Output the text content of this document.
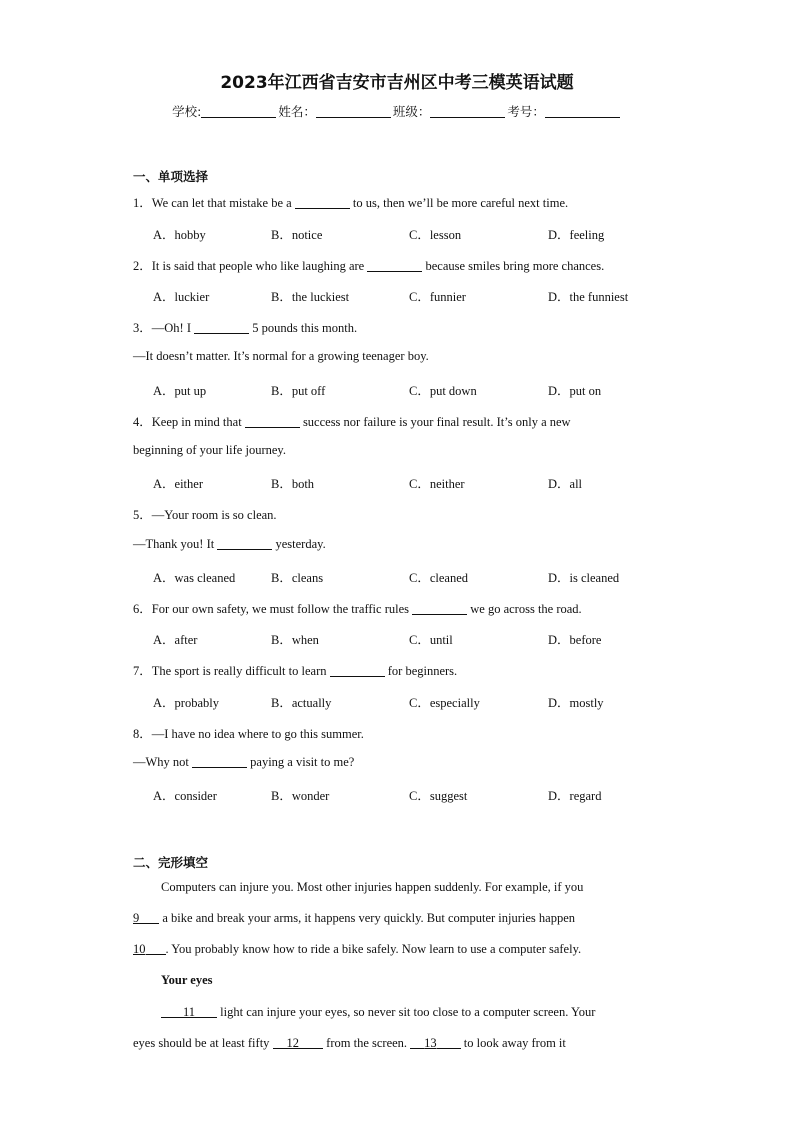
2023年江西省吉安市吉州区中考三模英语试题
学校:	姓名：	班级：	考号：
一、单项选择
1．We can let that mistake be a	to us, then we’ll be more careful next time.
A．hobby	B．notice	C．lesson	D．feeling
2．It is said that people who like laughing are	because smiles bring more chances.
A．luckier	B．the luckiest	C．funnier	D．the funniest
3．—Oh! I	5 pounds this month.
—It doesn’t matter. It’s normal for a growing teenager boy.
A．put up	B．put off	C．put down	D．put on
4．Keep in mind that	success nor failure is your final result. It’s only a new
beginning of your life journey.
A．either	B．both	C．neither	D．all
5．—Your room is so clean.
—Thank you! It	yesterday.
A．was cleaned	B．cleans	C．cleaned	D．is cleaned
6．For our own safety, we must follow the traffic rules	we go across the road.
A．after	B．when	C．until	D．before
7．The sport is really difficult to learn	for beginners.
A．probably	B．actually	C．especially	D．mostly
8．—I have no idea where to go this summer.
—Why not	paying a visit to me?
A．consider	B．wonder	C．suggest	D．regard
二、完形填空
Computers can injure you. Most other injuries happen suddenly. For example, if you
9 a bike and break your arms, it happens very quickly. But computer injuries happen
10 . You probably know how to ride a bike safely. Now learn to use a computer safely.
Your eyes
11 light can injure your eyes, so never sit too close to a computer screen. Your
eyes should be at least fifty 12 from the screen. 13 to look away from it
